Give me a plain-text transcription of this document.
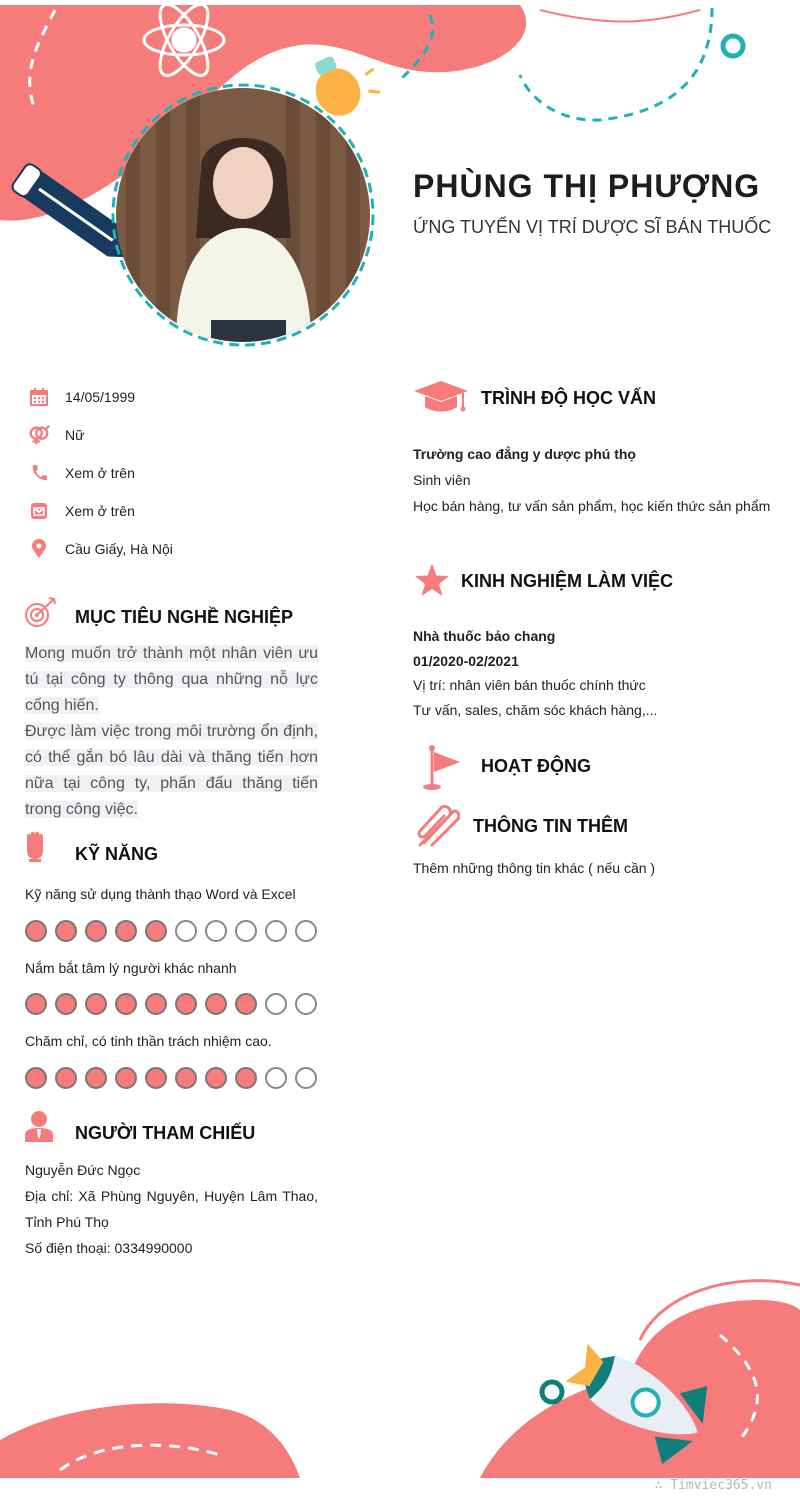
PHÙNG THỊ PHƯỢNG
ỨNG TUYỂN VỊ TRÍ DƯỢC SĨ BÁN THUỐC
14/05/1999
Nữ
Xem ở trên
Xem ở trên
Cầu Giấy, Hà Nội
MỤC TIÊU NGHỀ NGHIỆP

Mong muốn trở thành một nhân viên ưu tú tại công ty thông qua những nỗ lực cống hiến.

Được làm việc trong môi trường ổn định, có thể gắn bó lâu dài và thăng tiến hơn nữa tại công ty, phấn đấu thăng tiến trong công việc.

KỸ NĂNG
Kỹ năng sử dụng thành thạo Word và Excel
Nắm bắt tâm lý người khác nhanh
Chăm chỉ, có tinh thần trách nhiệm cao.
NGƯỜI THAM CHIẾU
Nguyễn Đức Ngọc
Địa chỉ: Xã Phùng Nguyên, Huyện Lâm Thao, Tỉnh Phú Thọ
Số điện thoại: 0334990000
TRÌNH ĐỘ HỌC VẤN
Trường cao đẳng y dược phú thọ
Sinh viên
Học bán hàng, tư vấn sản phẩm, học kiến thức sản phẩm
KINH NGHIỆM LÀM VIỆC
Nhà thuốc bảo chang
01/2020-02/2021
Vị trí: nhân viên bán thuốc chính thức
Tư vấn, sales, chăm sóc khách hàng,...
HOẠT ĐỘNG
THÔNG TIN THÊM
Thêm những thông tin khác ( nếu cần )
∴ Timviec365.vn
